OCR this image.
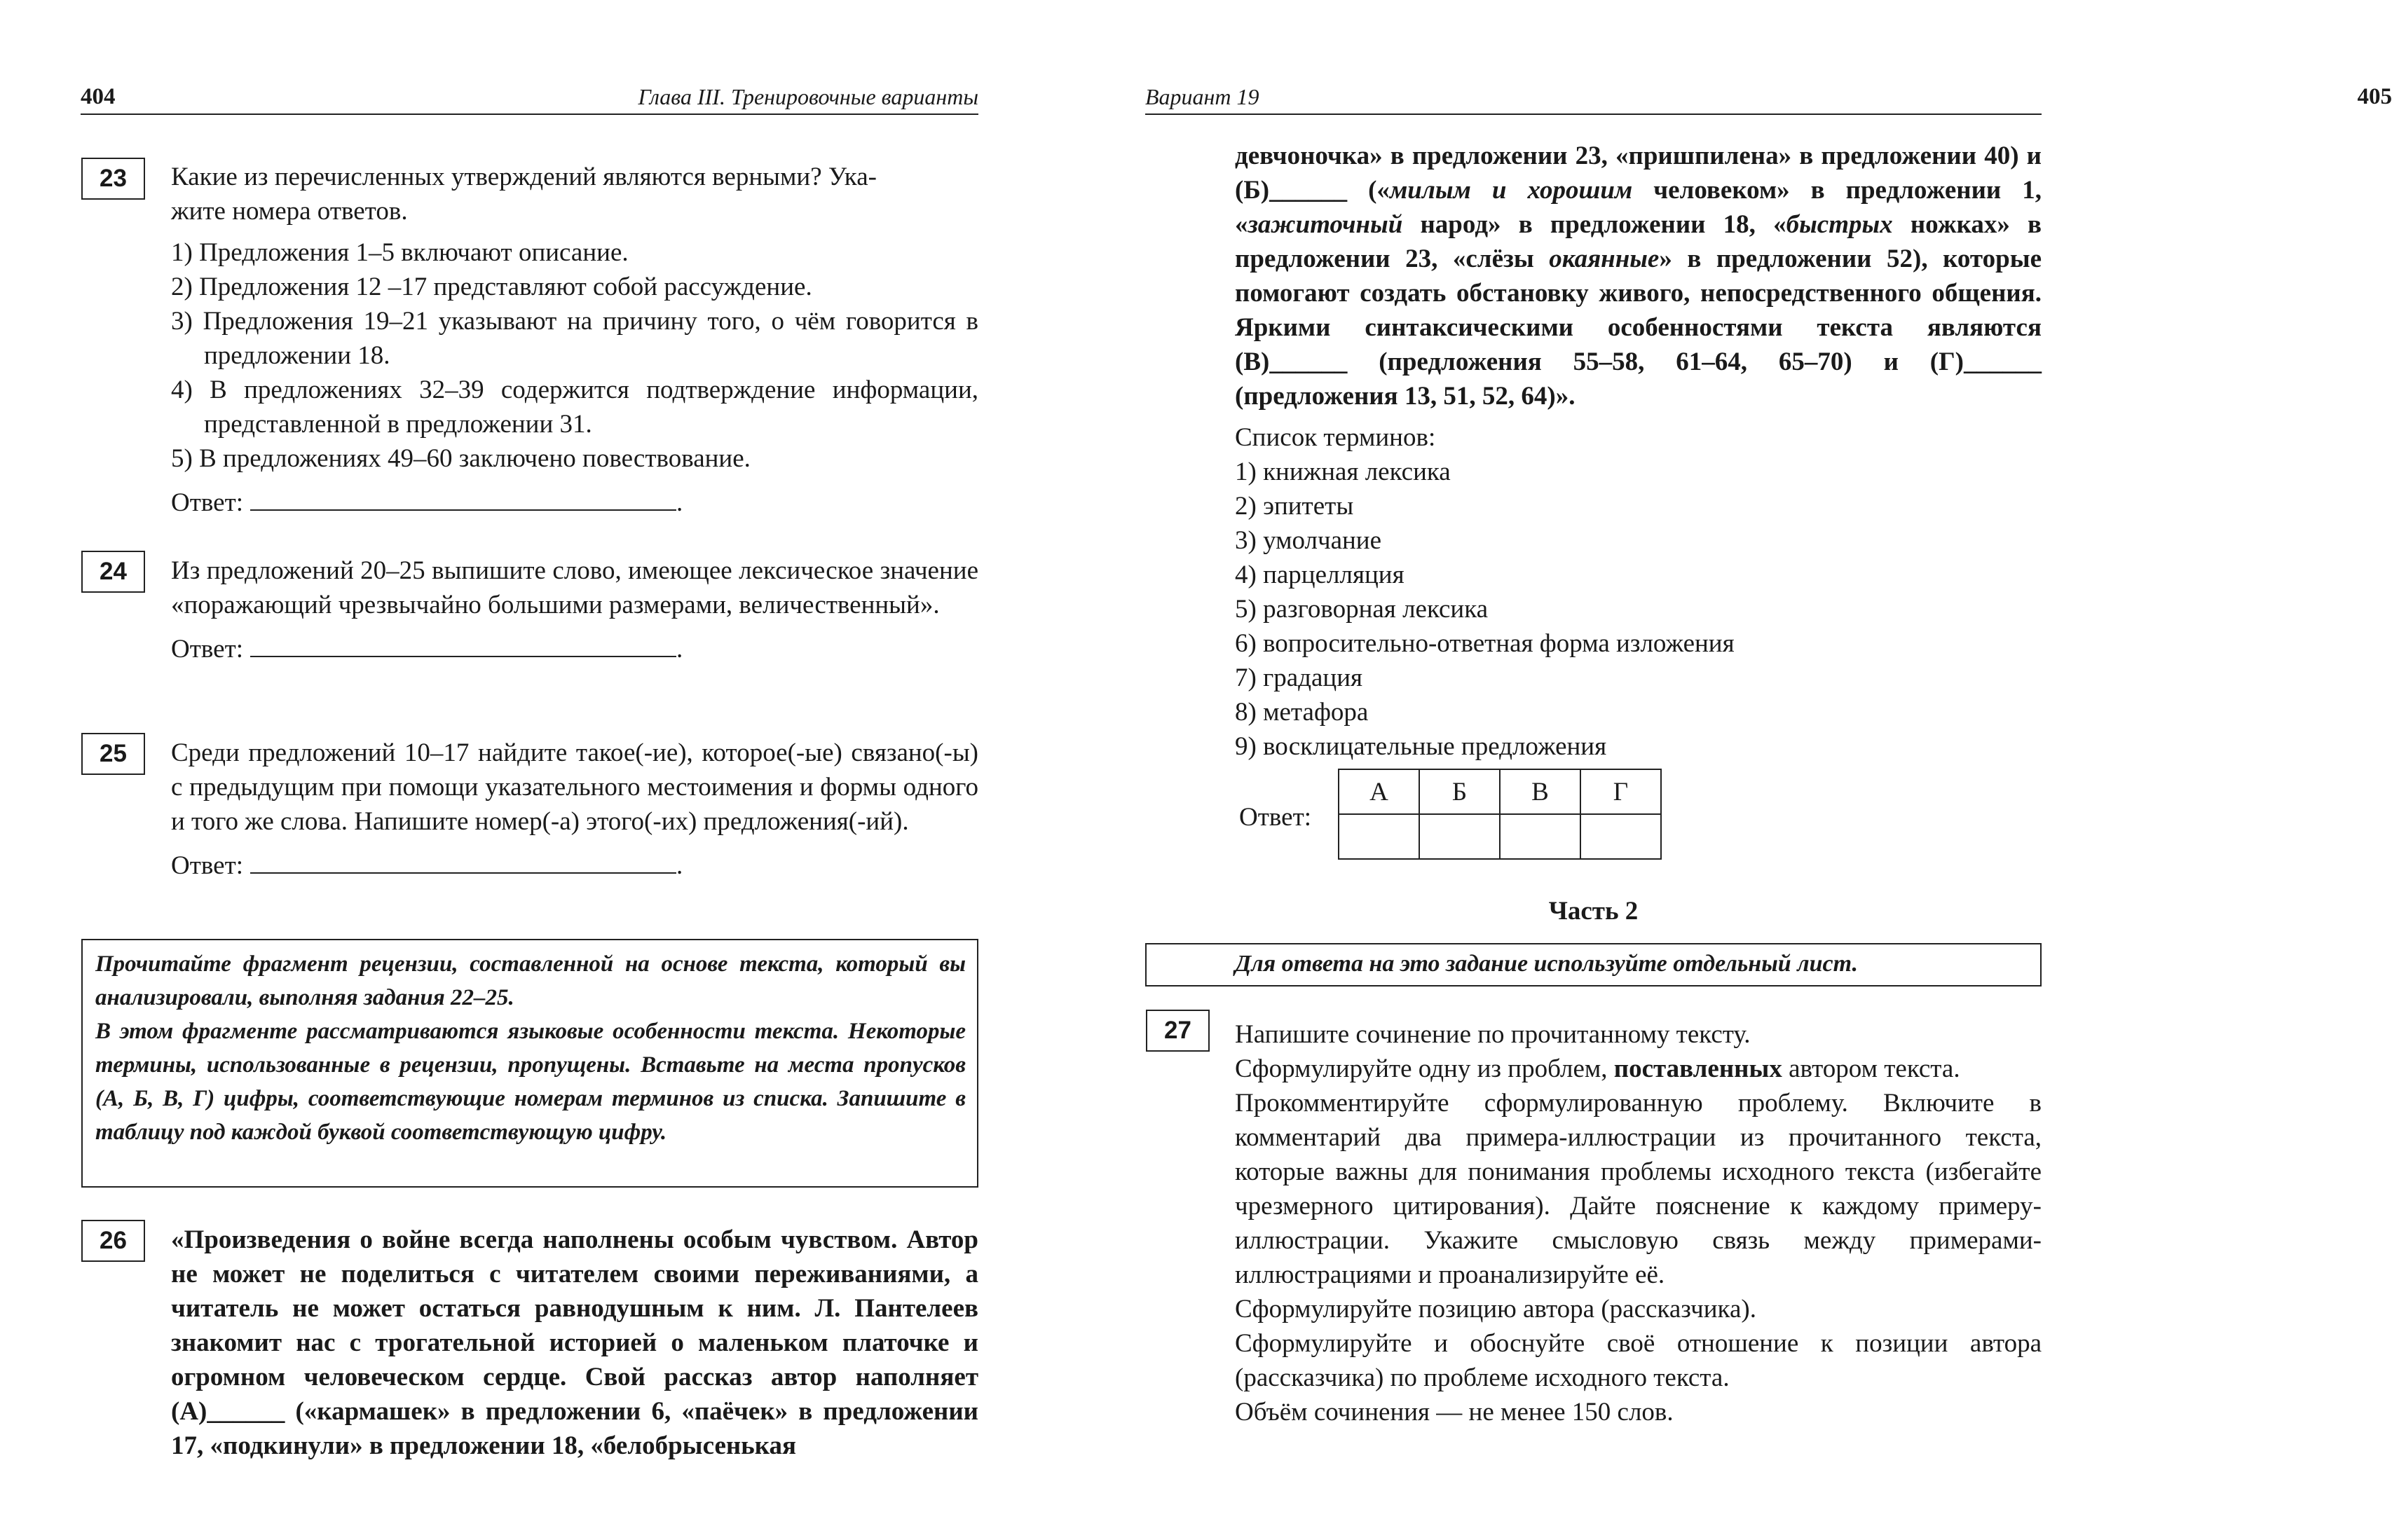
404	Глава III. Тренировочные варианты
23	Какие из перечисленных утверждений являются верными? Ука-
жите номера ответов.
1) Предложения 1–5 включают описание.
2) Предложения 12 –17 представляют собой рассуждение.
3) Предложения 19–21 указывают на причину того, о чём говорится в предложении 18.
4) В предложениях 32–39 содержится подтверждение информации, представленной в предложении 31.
5) В предложениях 49–60 заключено повествование.
Ответ:	.
24	Из предложений 20–25 выпишите слово, имеющее лексическое значение «поражающий чрезвычайно большими размерами, величественный».
Ответ:	.
25	Среди предложений 10–17 найдите такое(-ие), которое(-ые) связано(-ы) с предыдущим при помощи указательного местоимения и формы одного и того же слова. Напишите номер(-а) этого(-их) предложения(-ий).
Ответ:	.
Прочитайте фрагмент рецензии, составленной на основе текста, который вы анализировали, выполняя задания 22–25.
В этом фрагменте рассматриваются языковые особенности текста. Некоторые термины, использованные в рецензии, пропущены. Вставьте на места пропусков (А, Б, В, Г) цифры, соответствующие номерам терминов из списка. Запишите в таблицу под каждой буквой соответствующую цифру.
26	«Произведения о войне всегда наполнены особым чувством. Автор не может не поделиться с читателем своими переживаниями, а читатель не может остаться равнодушным к ним. Л. Пантелеев знакомит нас с трогательной историей о маленьком платочке и огромном человеческом сердце. Свой рассказ автор наполняет (А)______ («кармашек» в предложении 6, «паёчек» в предложении 17, «подкинули» в предложении 18, «белобрысенькая
Вариант 19	405
девчоночка» в предложении 23, «пришпилена» в предложении 40) и (Б)______ («милым и хорошим человеком» в предложении 1, «зажиточный народ» в предложении 18, «быстрых ножках» в предложении 23, «слёзы окаянные» в предложении 52), которые помогают создать обстановку живого, непосредственного общения. Яркими синтаксическими особенностями текста являются (В)______ (предложения 55–58, 61–64, 65–70) и (Г)______ (предложения 13, 51, 52, 64)».
Список терминов:
1) книжная лексика
2) эпитеты
3) умолчание
4) парцелляция
5) разговорная лексика
6) вопросительно-ответная форма изложения
7) градация
8) метафора
9) восклицательные предложения
Ответ:
А	Б	В	Г

Часть 2
Для ответа на это задание используйте отдельный лист.
27	Напишите сочинение по прочитанному тексту.
Сформулируйте одну из проблем, поставленных автором текста.
Прокомментируйте сформулированную проблему. Включите в комментарий два примера-иллюстрации из прочитанного текста, которые важны для понимания проблемы исходного текста (избегайте чрезмерного цитирования). Дайте пояснение к каждому примеру-иллюстрации. Укажите смысловую связь между примерами-иллюстрациями и проанализируйте её.
Сформулируйте позицию автора (рассказчика).
Сформулируйте и обоснуйте своё отношение к позиции автора (рассказчика) по проблеме исходного текста.
Объём сочинения — не менее 150 слов.
